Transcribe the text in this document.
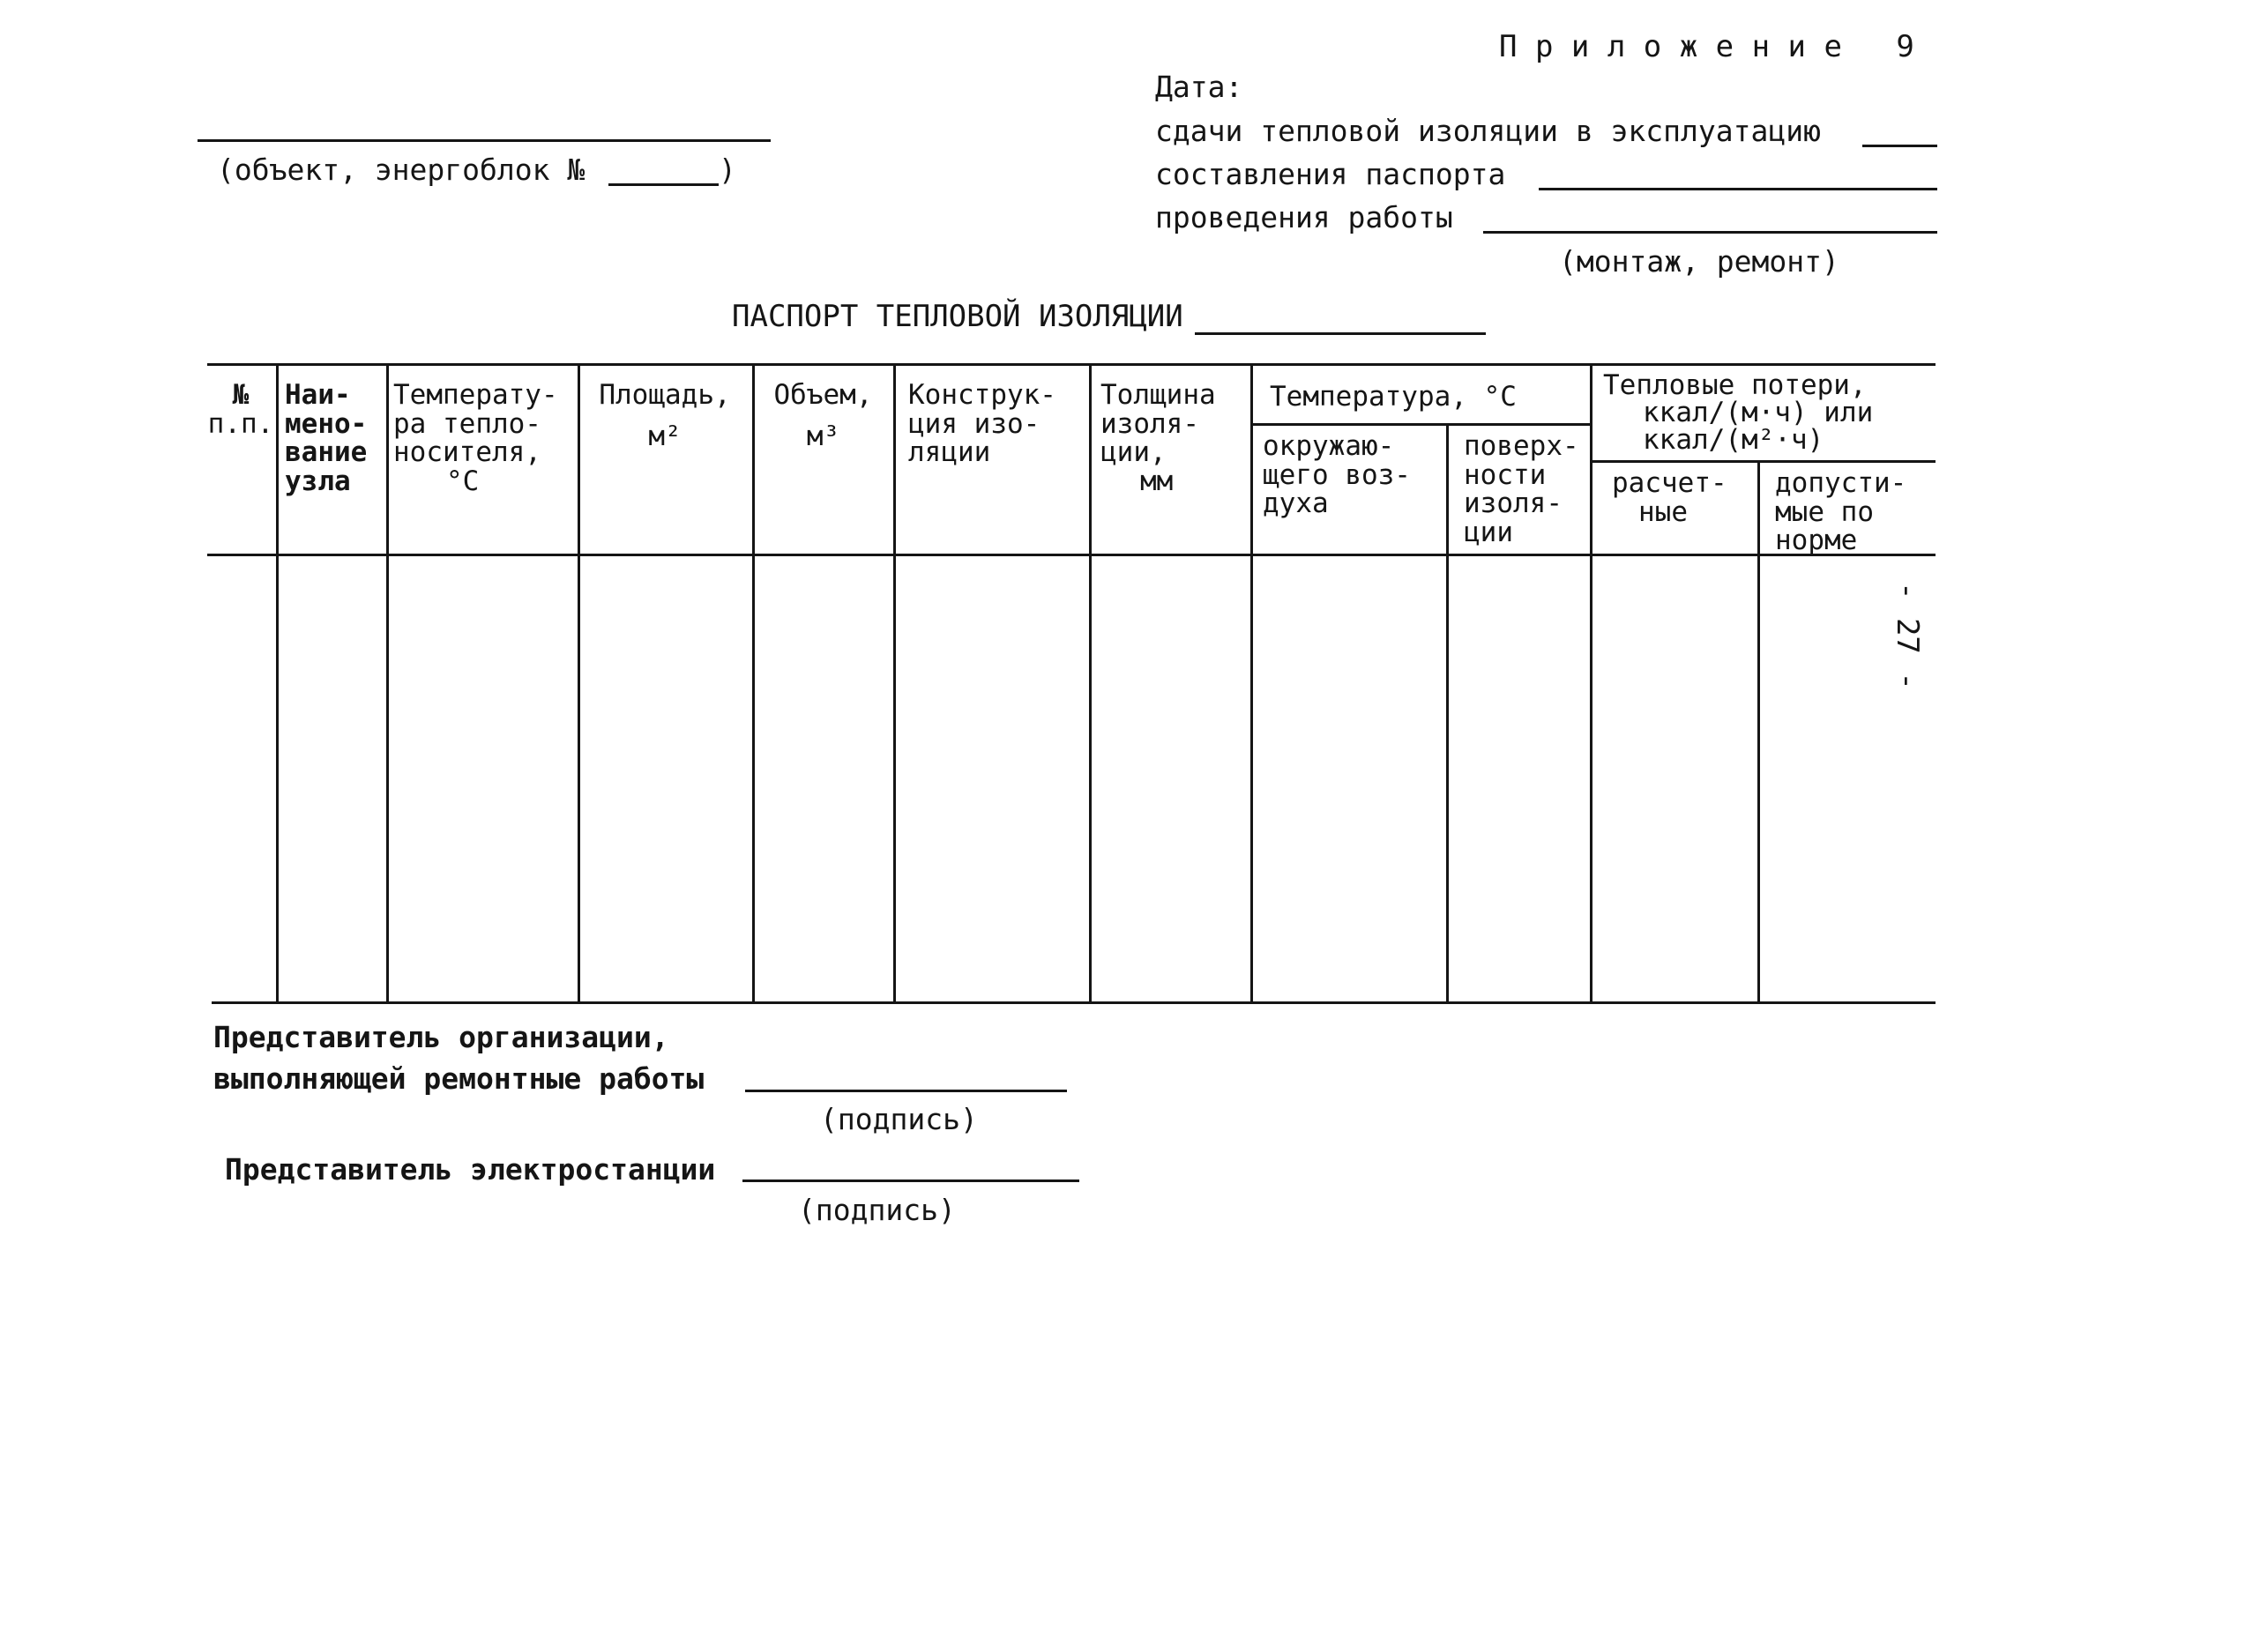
П р и л о ж е н и е   9
Дата:
сдачи тепловой изоляции в эксплуатацию
составления паспорта
проведения работы
(монтаж, ремонт)
(объект, энергоблок №	)
ПАСПОРТ ТЕПЛОВОЙ ИЗОЛЯЦИИ
№
п.п.
Наи-
мено-
вание
узла
Температу-
ра тепло-
носителя,
°С
Площадь,
м²
Объем,
м³
Конструк-
ция изо-
ляции
Толщина
изоля-
ции,
мм
Температура, °С
окружаю-
щего воз-
духа
поверх-
ности
изоля-
ции
Тепловые потери,
ккал/(м·ч) или
ккал/(м²·ч)
расчет-
ные
допусти-
мые по
норме
Представитель организации,
выполняющей ремонтные работы
(подпись)
Представитель электростанции
(подпись)
- 27 -
